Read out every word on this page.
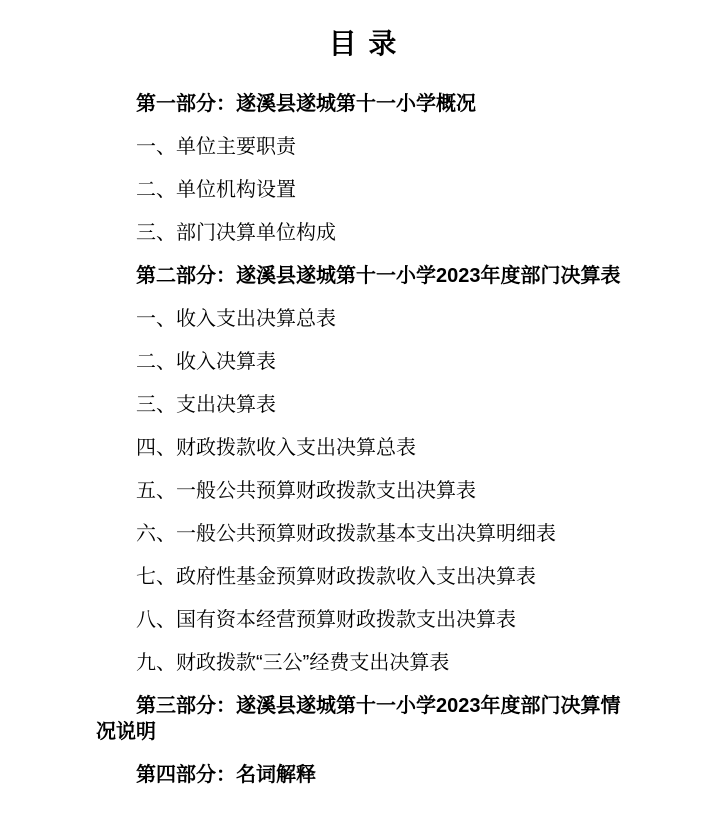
目 录

第一部分：遂溪县遂城第十一小学概况

一、单位主要职责

二、单位机构设置

三、部门决算单位构成

第二部分：遂溪县遂城第十一小学2023年度部门决算表

一、收入支出决算总表

二、收入决算表

三、支出决算表

四、财政拨款收入支出决算总表

五、一般公共预算财政拨款支出决算表

六、一般公共预算财政拨款基本支出决算明细表

七、政府性基金预算财政拨款收入支出决算表

八、国有资本经营预算财政拨款支出决算表

九、财政拨款“三公”经费支出决算表

第三部分：遂溪县遂城第十一小学2023年度部门决算情况说明

第四部分：名词解释
